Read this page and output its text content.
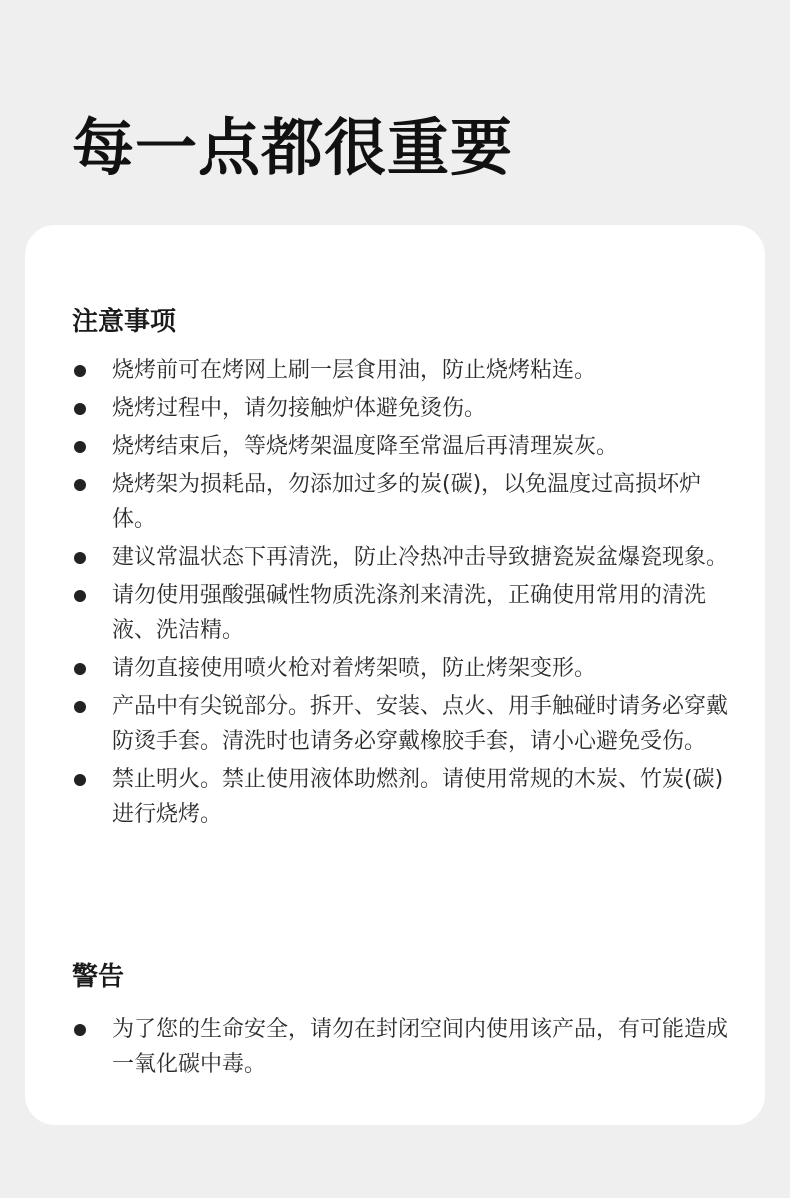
每一点都很重要
注意事项
烧烤前可在烤网上刷一层食用油，防止烧烤粘连。
烧烤过程中，请勿接触炉体避免烫伤。
烧烤结束后，等烧烤架温度降至常温后再清理炭灰。
烧烤架为损耗品，勿添加过多的炭(碳)，以免温度过高损坏炉体。
建议常温状态下再清洗，防止冷热冲击导致搪瓷炭盆爆瓷现象。
请勿使用强酸强碱性物质洗涤剂来清洗，正确使用常用的清洗液、洗洁精。
请勿直接使用喷火枪对着烤架喷，防止烤架变形。
产品中有尖锐部分。拆开、安装、点火、用手触碰时请务必穿戴防烫手套。清洗时也请务必穿戴橡胶手套，请小心避免受伤。
禁止明火。禁止使用液体助燃剂。请使用常规的木炭、竹炭(碳)进行烧烤。
警告
为了您的生命安全，请勿在封闭空间内使用该产品，有可能造成一氧化碳中毒。
